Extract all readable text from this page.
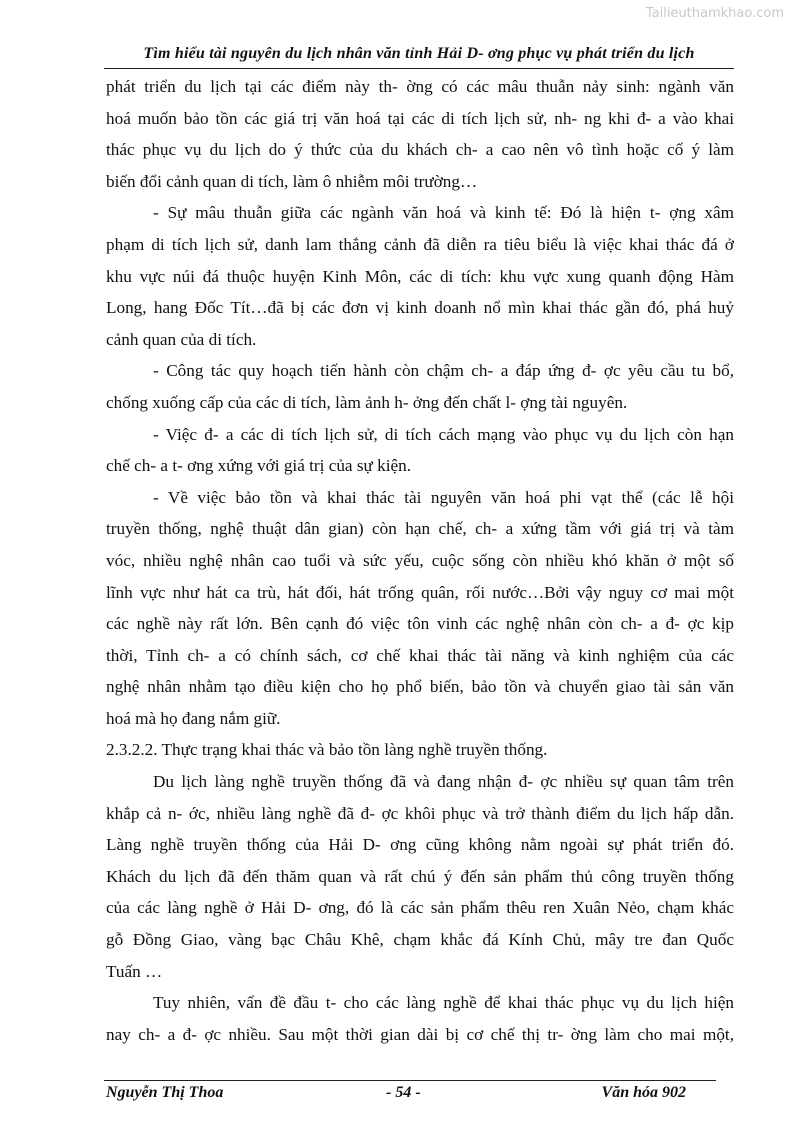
Tailieuthamkhao.com
Tìm hiểu tài nguyên du lịch nhân văn tỉnh Hải D- ơng phục vụ phát triển du lịch
phát triển du lịch tại các điểm này th- ờng có các mâu thuẫn nảy sinh: ngành văn
hoá muốn bảo tồn các giá trị văn hoá tại các di tích lịch sử, nh- ng khi đ- a vào khai
thác phục vụ du lịch do ý thức của du khách ch- a cao nên vô tình hoặc cố ý làm
biến đổi cảnh quan di tích, làm ô nhiễm môi trường…
- Sự mâu thuẫn giữa các ngành văn hoá và kinh tế: Đó là hiện t- ợng xâm
phạm di tích lịch sử, danh lam thắng cảnh đã diễn ra tiêu biểu là việc khai thác đá ở
khu vực núi đá thuộc huyện Kinh Môn, các di tích: khu vực xung quanh động Hàm
Long, hang Đốc Tít…đã bị các đơn vị kinh doanh nổ mìn khai thác gần đó, phá huỷ
cảnh quan của di tích.
- Công tác quy hoạch tiến hành còn chậm ch- a đáp ứng đ- ợc yêu cầu tu bổ,
chống xuống cấp của các di tích, làm ảnh h- ởng đến chất l- ợng tài nguyên.
- Việc đ- a các di tích lịch sử, di tích cách mạng vào phục vụ du lịch còn hạn
chế ch- a t- ơng xứng với giá trị của sự kiện.
- Về việc bảo tồn và khai thác tài nguyên văn hoá phi vạt thể (các lễ hội
truyền thống, nghệ thuật dân gian) còn hạn chế, ch- a xứng tầm với giá trị và tàm
vóc, nhiều nghệ nhân cao tuổi và sức yếu, cuộc sống còn nhiều khó khăn ở một số
lĩnh vực như hát ca trù, hát đối, hát trống quân, rối nước…Bởi vậy nguy cơ mai một
các nghề này rất lớn. Bên cạnh đó việc tôn vinh các nghệ nhân còn ch- a đ- ợc kịp
thời, Tỉnh ch- a có chính sách, cơ chế khai thác tài năng và kinh nghiệm của các
nghệ nhân nhằm tạo điều kiện cho họ phổ biến, bảo tồn và chuyển giao tài sản văn
hoá mà họ đang nắm giữ.
2.3.2.2. Thực trạng khai thác và bảo tồn làng nghề truyền thống.
Du lịch làng nghề truyền thống đã và đang nhận đ- ợc nhiều sự quan tâm trên
khắp cả n- ớc, nhiều làng nghề đã đ- ợc khôi phục và trở thành điểm du lịch hấp dẫn.
Làng nghề truyền thống của Hải D- ơng cũng không nằm ngoài sự phát triển đó.
Khách du lịch đã đến thăm quan và rất chú ý đến sản phẩm thủ công truyền thống
của các làng nghề ở Hải D- ơng, đó là các sản phẩm thêu ren Xuân Nẻo, chạm khác
gỗ Đồng Giao, vàng bạc Châu Khê, chạm khắc đá Kính Chủ, mây tre đan Quốc
Tuấn …
Tuy nhiên, vấn đề đầu t- cho các làng nghề để khai thác phục vụ du lịch hiện
nay ch- a đ- ợc nhiều. Sau một thời gian dài bị cơ chế thị tr- ờng làm cho mai một,
Nguyễn Thị Thoa	- 54 -	Văn hóa 902
